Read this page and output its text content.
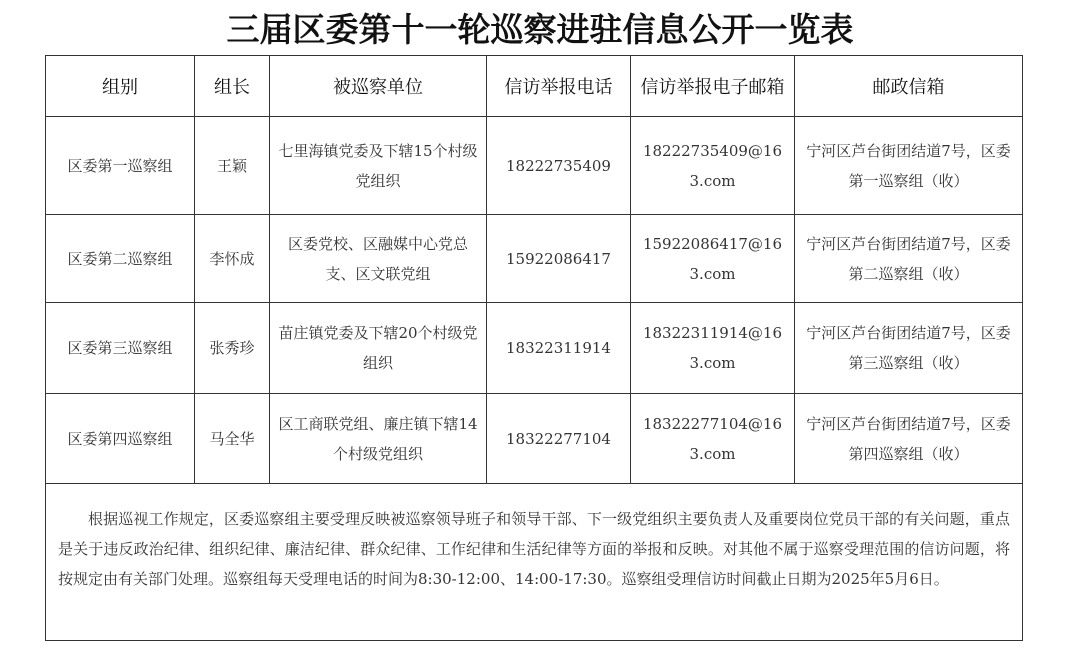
三届区委第十一轮巡察进驻信息公开一览表
组别	组长	被巡察单位	信访举报电话	信访举报电子邮箱	邮政信箱
区委第一巡察组	王颖	七里海镇党委及下辖15个村级党组织	18222735409	18222735409@163.com	宁河区芦台街团结道7号，区委第一巡察组（收）
区委第二巡察组	李怀成	区委党校、区融媒中心党总支、区文联党组	15922086417	15922086417@163.com	宁河区芦台街团结道7号，区委第二巡察组（收）
区委第三巡察组	张秀珍	苗庄镇党委及下辖20个村级党组织	18322311914	18322311914@163.com	宁河区芦台街团结道7号，区委第三巡察组（收）
区委第四巡察组	马全华	区工商联党组、廉庄镇下辖14个村级党组织	18322277104	18322277104@163.com	宁河区芦台街团结道7号，区委第四巡察组（收）

根据巡视工作规定，区委巡察组主要受理反映被巡察领导班子和领导干部、下一级党组织主要负责人及重要岗位党员干部的有关问题，重点是关于违反政治纪律、组织纪律、廉洁纪律、群众纪律、工作纪律和生活纪律等方面的举报和反映。对其他不属于巡察受理范围的信访问题，将按规定由有关部门处理。巡察组每天受理电话的时间为8:30-12:00、14:00-17:30。巡察组受理信访时间截止日期为2025年5月6日。					
